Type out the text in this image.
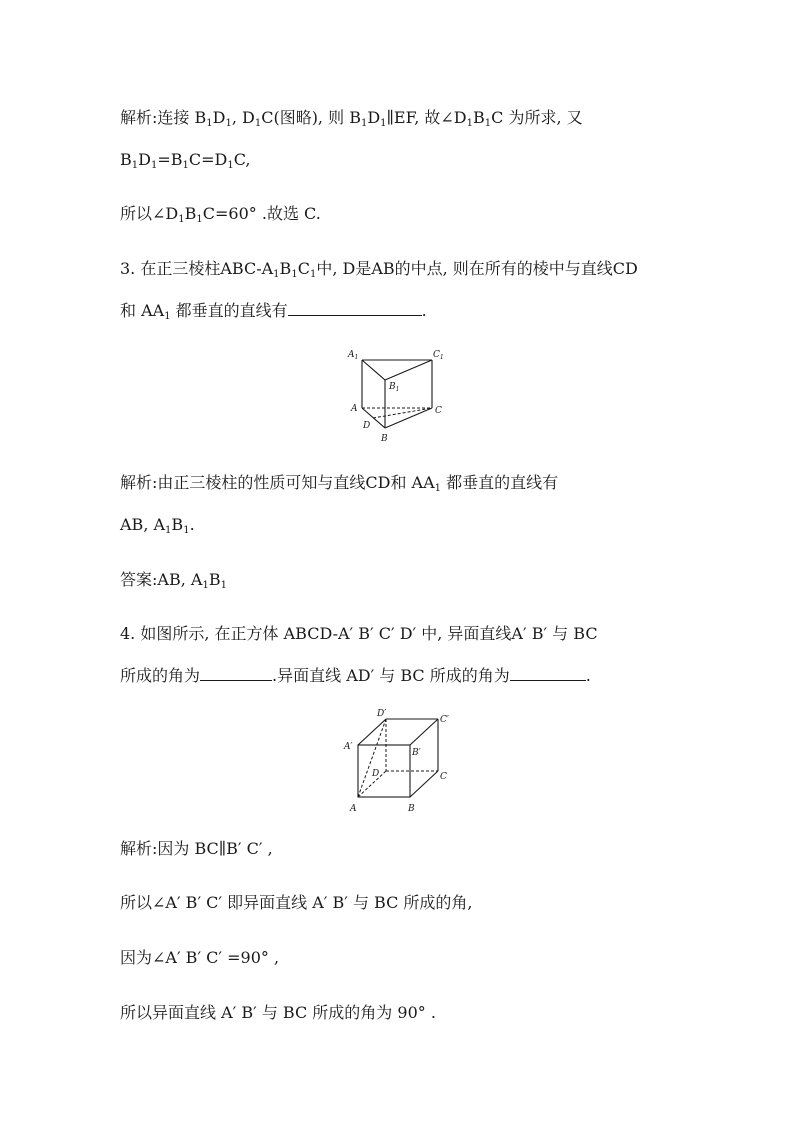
解析:连接 $B_1D_1$, $D_1C$(图略), 则 $B_1D_1\parallel EF$, 故$\angle D_1B_1C$ 为所求, 又
$B_1D_1=B_1C=D_1C$,
所以$\angle D_1B_1C=60^\circ$ .故选 C.
3. 在正三棱柱ABC-$A_1B_1C_1$中, D是AB的中点, 则在所有的棱中与直线CD
和 $AA_1$ 都垂直的直线有	.
$A_1$	$C_1$
$B_1$
A	C
D
B
解析:由正三棱柱的性质可知与直线CD和 $AA_1$ 都垂直的直线有
AB, $A_1B_1$.
答案:AB, $A_1B_1$
4. 如图所示, 在正方体 ABCD-A′ B′ C′ D′ 中, 异面直线A′ B′ 与 BC
所成的角为	.异面直线 AD′ 与 BC 所成的角为	.
D′
C′
A′
B′
D	C
A	B
解析:因为 BC∥B′ C′ ,
所以∠A′ B′ C′ 即异面直线 A′ B′ 与 BC 所成的角,
因为∠A′ B′ C′ =90° ,
所以异面直线 A′ B′ 与 BC 所成的角为 90° .
